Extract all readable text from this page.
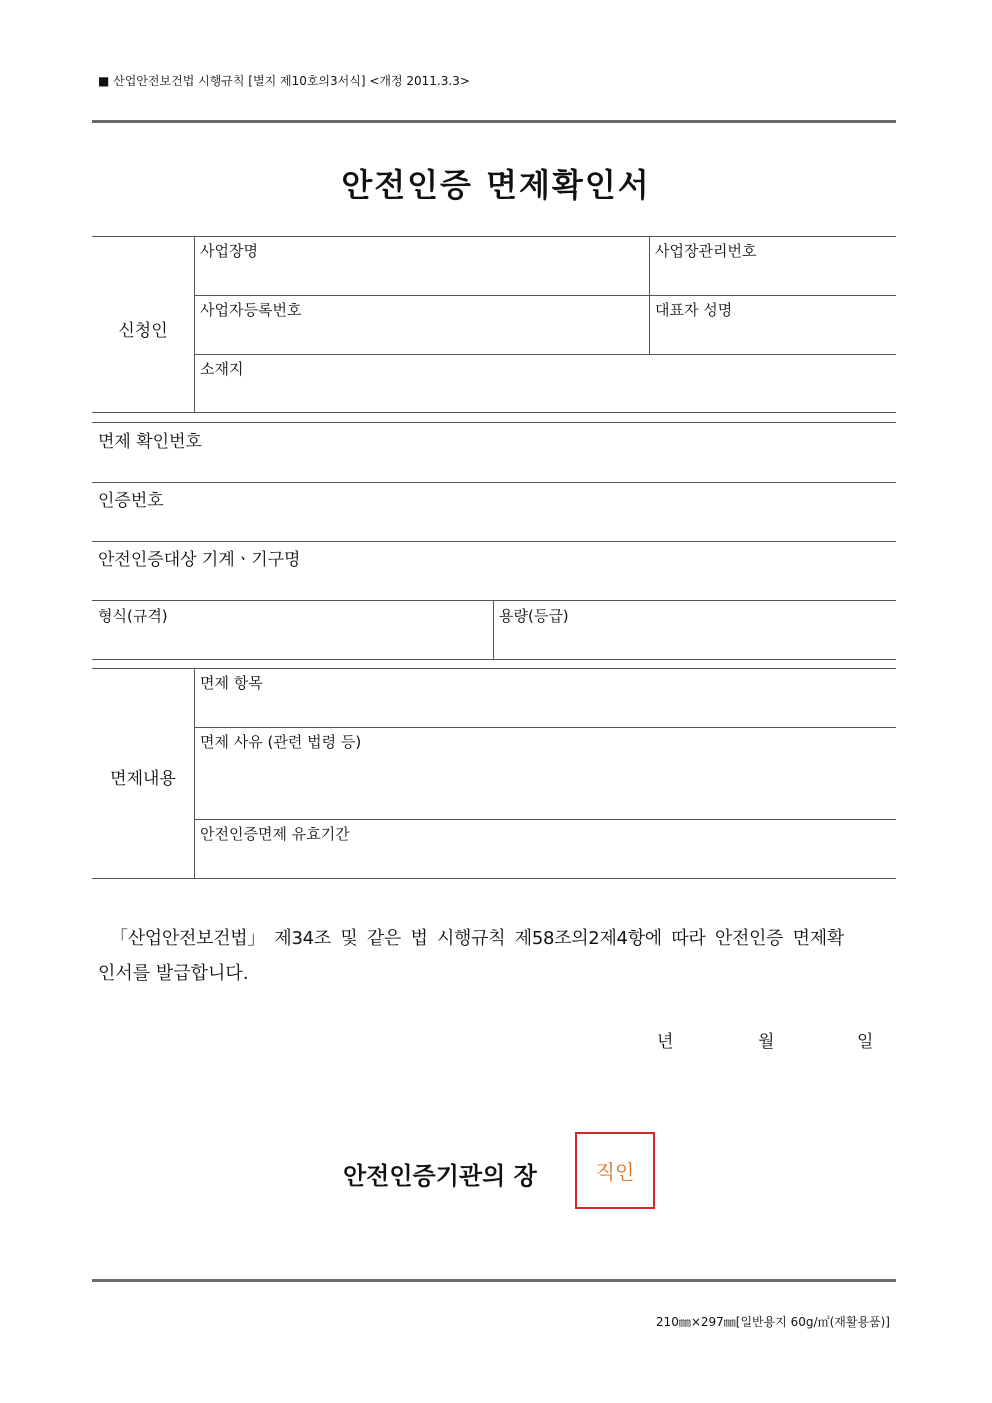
■ 산업안전보건법 시행규칙 [별지 제10호의3서식] <개정 2011.3.3>
안전인증 면제확인서
신청인
사업장명	사업장관리번호
사업자등록번호	대표자 성명
소재지
면제 확인번호
인증번호
안전인증대상 기계ㆍ기구명
형식(규격)	용량(등급)
면제내용
면제 항목
면제 사유 (관련 법령 등)
안전인증면제 유효기간
「산업안전보건법」 제34조 및 같은 법 시행규칙 제58조의2제4항에 따라 안전인증 면제확
인서를 발급합니다.
년	월	일
안전인증기관의 장	직인
210㎜×297㎜[일반용지 60g/㎡(재활용품)]
